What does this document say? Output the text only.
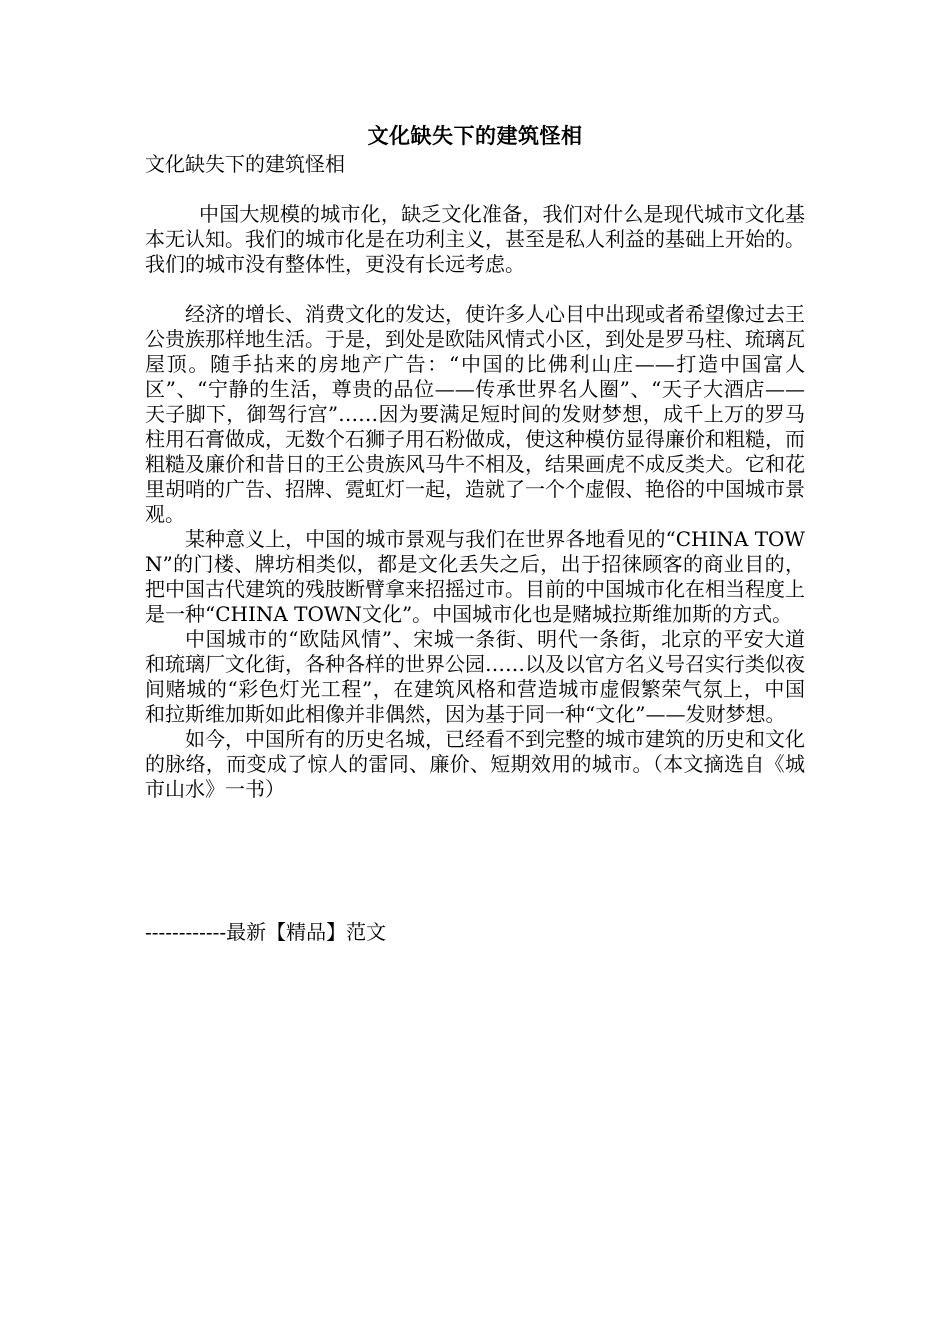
文化缺失下的建筑怪相

文化缺失下的建筑怪相

中国大规模的城市化，缺乏文化准备，我们对什么是现代城市文化基本无认知。我们的城市化是在功利主义，甚至是私人利益的基础上开始的。我们的城市没有整体性，更没有长远考虑。

经济的增长、消费文化的发达，使许多人心目中出现或者希望像过去王公贵族那样地生活。于是，到处是欧陆风情式小区，到处是罗马柱、琉璃瓦屋顶。随手拈来的房地产广告：“中国的比佛利山庄——打造中国富人区”、“宁静的生活，尊贵的品位——传承世界名人圈”、“天子大酒店——天子脚下，御驾行宫”……因为要满足短时间的发财梦想，成千上万的罗马柱用石膏做成，无数个石狮子用石粉做成，使这种模仿显得廉价和粗糙，而粗糙及廉价和昔日的王公贵族风马牛不相及，结果画虎不成反类犬。它和花里胡哨的广告、招牌、霓虹灯一起，造就了一个个虚假、艳俗的中国城市景观。

某种意义上，中国的城市景观与我们在世界各地看见的“CHINA TOWN”的门楼、牌坊相类似，都是文化丢失之后，出于招徕顾客的商业目的，把中国古代建筑的残肢断臂拿来招摇过市。目前的中国城市化在相当程度上是一种“CHINA TOWN文化”。中国城市化也是赌城拉斯维加斯的方式。

中国城市的“欧陆风情”、宋城一条街、明代一条街，北京的平安大道和琉璃厂文化街，各种各样的世界公园……以及以官方名义号召实行类似夜间赌城的“彩色灯光工程”，在建筑风格和营造城市虚假繁荣气氛上，中国和拉斯维加斯如此相像并非偶然，因为基于同一种“文化”——发财梦想。

如今，中国所有的历史名城，已经看不到完整的城市建筑的历史和文化的脉络，而变成了惊人的雷同、廉价、短期效用的城市。（本文摘选自《城市山水》一书）

------------最新【精品】范文
